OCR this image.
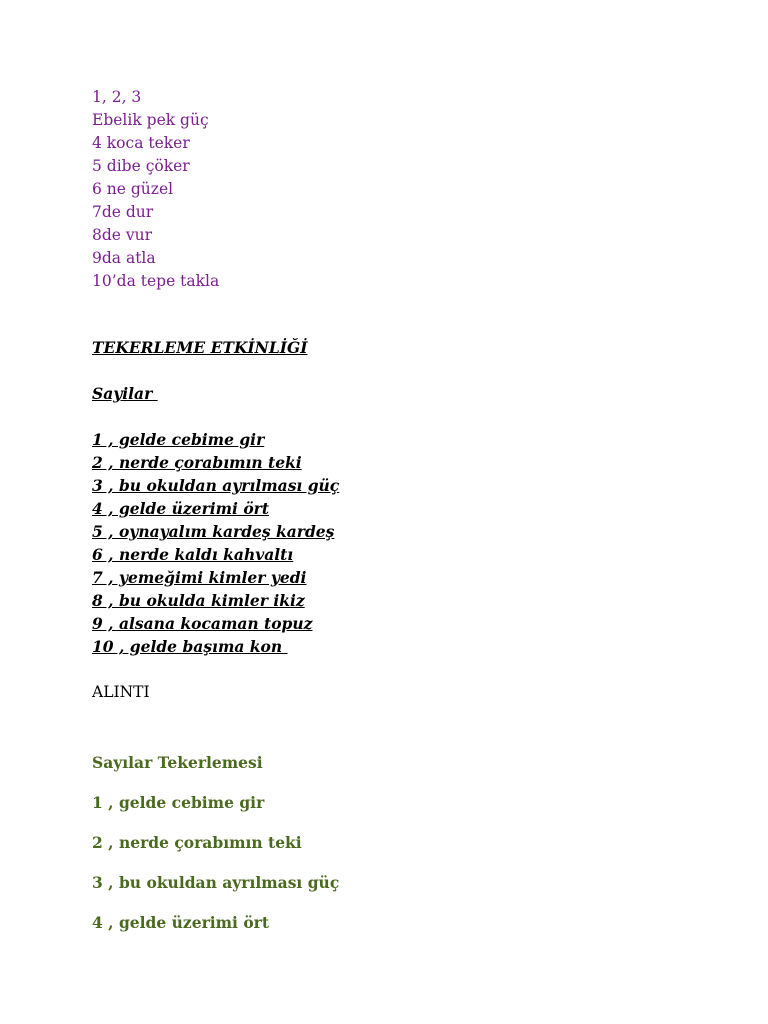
1, 2, 3
Ebelik pek güç
4 koca teker
5 dibe çöker
6 ne güzel
7de dur
8de vur
9da atla
10’da tepe takla
TEKERLEME ETKİNLİĞİ
Sayilar
1 , gelde cebime gir
2 , nerde çorabımın teki
3 , bu okuldan ayrılması güç
4 , gelde üzerimi ört
5 , oynayalım kardeş kardeş
6 , nerde kaldı kahvaltı
7 , yemeğimi kimler yedi
8 , bu okulda kimler ikiz
9 , alsana kocaman topuz
10 , gelde başıma kon
ALINTI
Sayılar Tekerlemesi
1 , gelde cebime gir
2 , nerde çorabımın teki
3 , bu okuldan ayrılması güç
4 , gelde üzerimi ört
